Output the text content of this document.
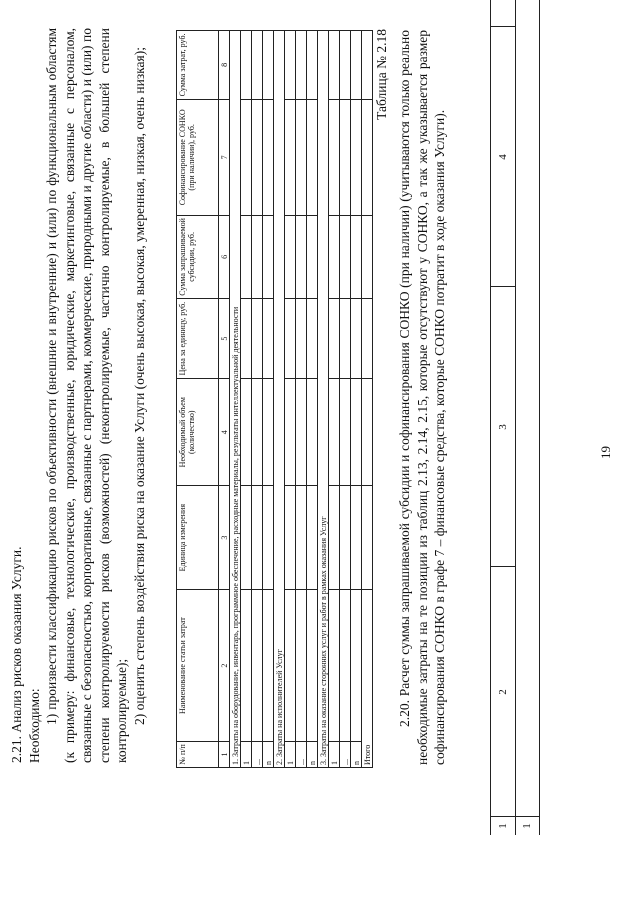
19
1
2
3
4
1
2.20. Расчет суммы запрашиваемой субсидии и софинансирования СОНКО (при наличии) (учитываются только реально необходимые затраты на те позиции из таблиц 2.13, 2.14, 2.15, которые отсутствуют у СОНКО, а так же указывается размер софинансирования СОНКО в графе 7 – финансовые средства, которые СОНКО потратит в ходе оказания Услуги).
Таблица № 2.18
№ п/п	Наименование статьи затрат	Единица измерения	Необходимый объем (количество)	Цена за единицу, руб.	Сумма запрашиваемой субсидии, руб.	Софинансирование СОНКО (при наличии), руб.	Сумма затрат, руб.
1	2	3	4	5	6	7	8
1. Затраты на оборудование, инвентарь, программное обеспечение, расходные материалы, результаты интеллектуальной деятельности							
1							
...							
n							
2. Затраты на исполнителей Услуг							
1							
...							
n							
3. Затраты на оказание сторонних услуг и работ в рамках оказания Услуг							
1							
...							
n							
Итого							
2.21. Анализ рисков оказания Услуги. Необходимо:
1) произвести классификацию рисков по объективности (внешние и внутренние) и (или) по функциональным областям (к примеру: финансовые, технологические, производственные, юридические, маркетинговые, связанные с персоналом, связанные с безопасностью, корпоративные, связанные с партнерами, коммерческие, природными и другие области) и (или) по степени контролируемости рисков (возможностей) (неконтролируемые, частично контролируемые, в большей степени контролируемые); 2) оценить степень воздействия риска на оказание Услуги (очень высокая, высокая, умеренная, низкая, очень низкая);
